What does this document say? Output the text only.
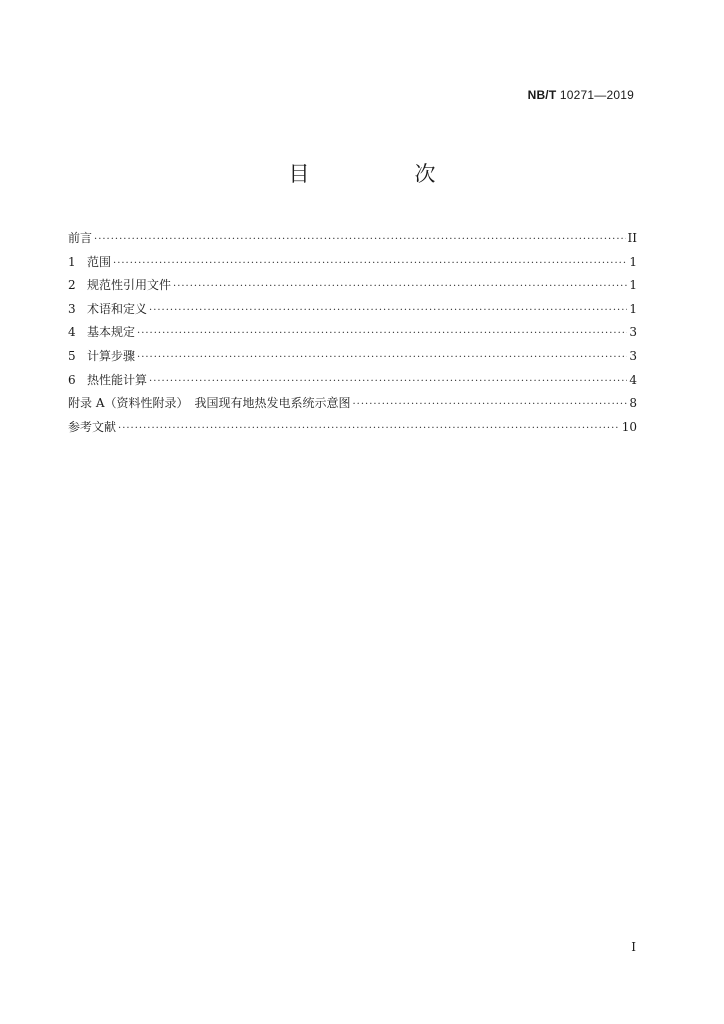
NB/T 10271—2019
目　次
前言 ·····	II
1 范围 ·····	1
2 规范性引用文件 ·····	1
3 术语和定义 ·····	1
4 基本规定 ·····	3
5 计算步骤 ·····	3
6 热性能计算 ·····	4
附录 A（资料性附录）　我国现有地热发电系统示意图 ·····	8
参考文献 ·····	10
I
